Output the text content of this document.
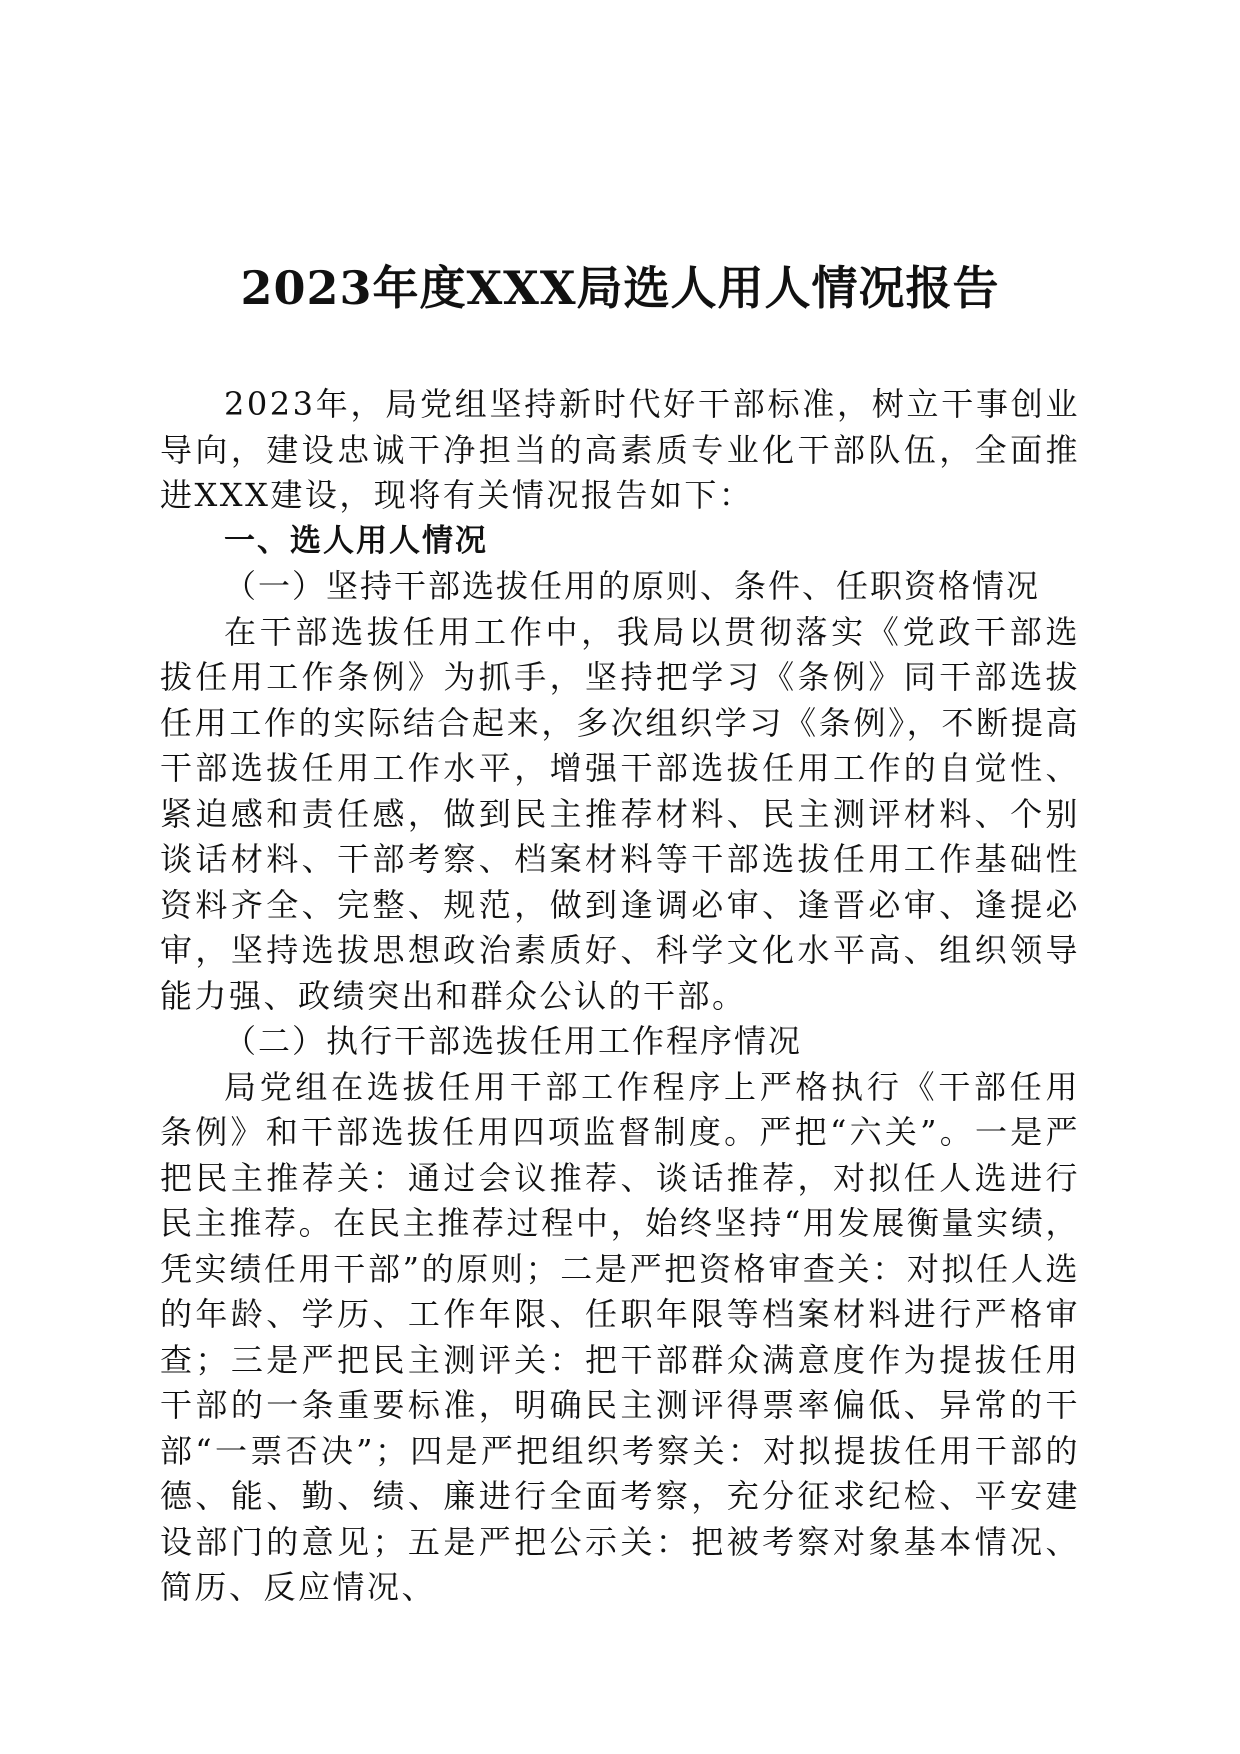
2023年度XXX局选人用人情况报告

2023年，局党组坚持新时代好干部标准，树立干事创业导向，建设忠诚干净担当的高素质专业化干部队伍，全面推进XXX建设，现将有关情况报告如下：

一、选人用人情况

（一）坚持干部选拔任用的原则、条件、任职资格情况

在干部选拔任用工作中，我局以贯彻落实《党政干部选拔任用工作条例》为抓手，坚持把学习《条例》同干部选拔任用工作的实际结合起来，多次组织学习《条例》，不断提高干部选拔任用工作水平，增强干部选拔任用工作的自觉性、紧迫感和责任感，做到民主推荐材料、民主测评材料、个别谈话材料、干部考察、档案材料等干部选拔任用工作基础性资料齐全、完整、规范，做到逢调必审、逢晋必审、逢提必审，坚持选拔思想政治素质好、科学文化水平高、组织领导能力强、政绩突出和群众公认的干部。

（二）执行干部选拔任用工作程序情况

局党组在选拔任用干部工作程序上严格执行《干部任用条例》和干部选拔任用四项监督制度。严把“六关”。一是严把民主推荐关：通过会议推荐、谈话推荐，对拟任人选进行民主推荐。在民主推荐过程中，始终坚持“用发展衡量实绩，凭实绩任用干部”的原则；二是严把资格审查关：对拟任人选的年龄、学历、工作年限、任职年限等档案材料进行严格审查；三是严把民主测评关：把干部群众满意度作为提拔任用干部的一条重要标准，明确民主测评得票率偏低、异常的干部“一票否决”；四是严把组织考察关：对拟提拔任用干部的德、能、勤、绩、廉进行全面考察，充分征求纪检、平安建设部门的意见；五是严把公示关：把被考察对象基本情况、简历、反应情况、
